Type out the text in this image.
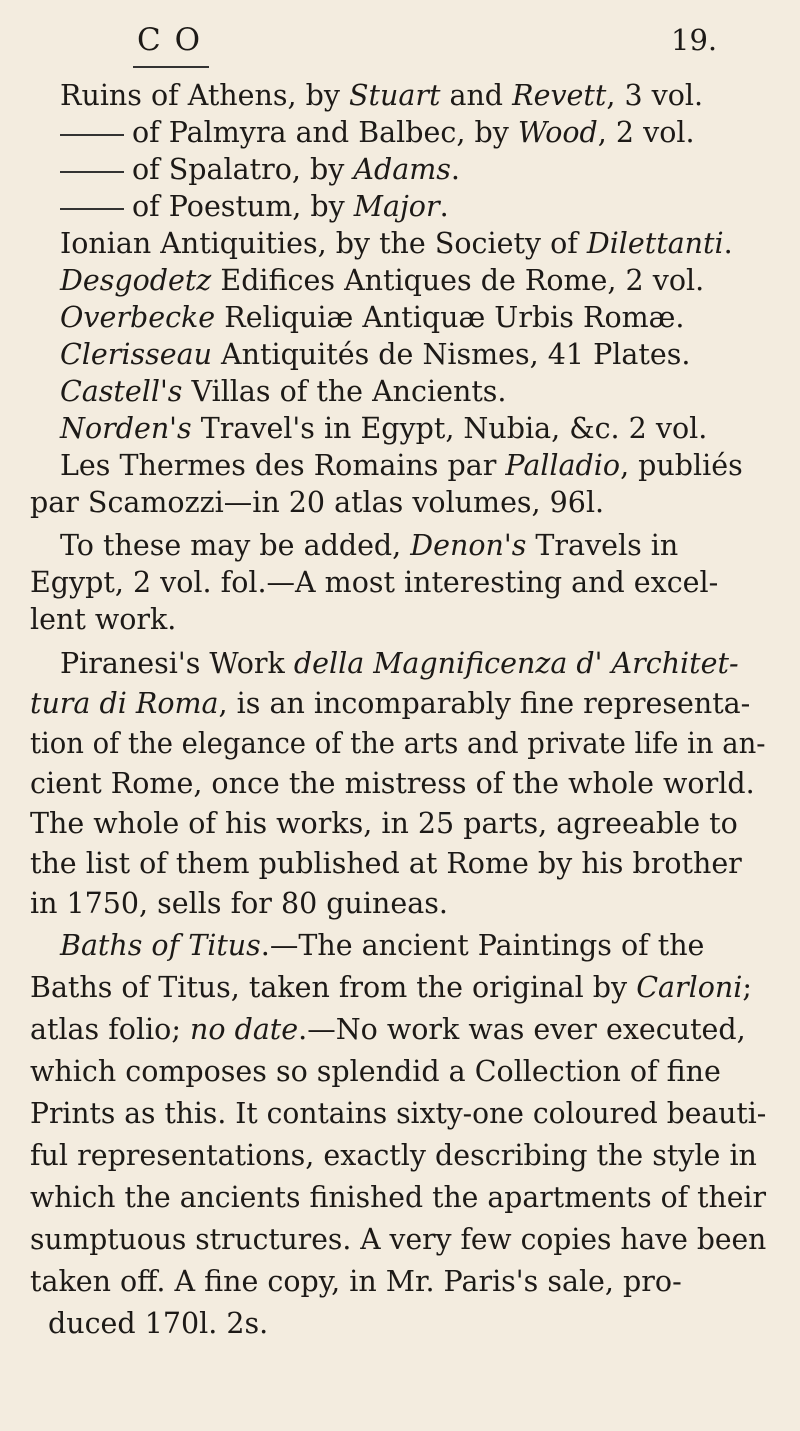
C O	19.
Ruins of Athens, by Stuart and Revett, 3 vol.
of Palmyra and Balbec, by Wood, 2 vol.
of Spalatro, by Adams.
of Poestum, by Major.
Ionian Antiquities, by the Society of Dilettanti.
Desgodetz Edifices Antiques de Rome, 2 vol.
Overbecke Reliquiæ Antiquæ Urbis Romæ.
Clerisseau Antiquités de Nismes, 41 Plates.
Castell's Villas of the Ancients.
Norden's Travel's in Egypt, Nubia, &c. 2 vol.
Les Thermes des Romains par Palladio, publiés
par Scamozzi—in 20 atlas volumes, 96l.
To these may be added, Denon's Travels in
Egypt, 2 vol. fol.—A most interesting and excel-
lent work.
Piranesi's Work della Magnificenza d' Architet-
tura di Roma, is an incomparably fine representa-
tion of the elegance of the arts and private life in an-
cient Rome, once the mistress of the whole world.
The whole of his works, in 25 parts, agreeable to
the list of them published at Rome by his brother
in 1750, sells for 80 guineas.
Baths of Titus.—The ancient Paintings of the
Baths of Titus, taken from the original by Carloni;
atlas folio; no date.—No work was ever executed,
which composes so splendid a Collection of fine
Prints as this. It contains sixty-one coloured beauti-
ful representations, exactly describing the style in
which the ancients finished the apartments of their
sumptuous structures. A very few copies have been
taken off. A fine copy, in Mr. Paris's sale, pro-
duced 170l. 2s.
